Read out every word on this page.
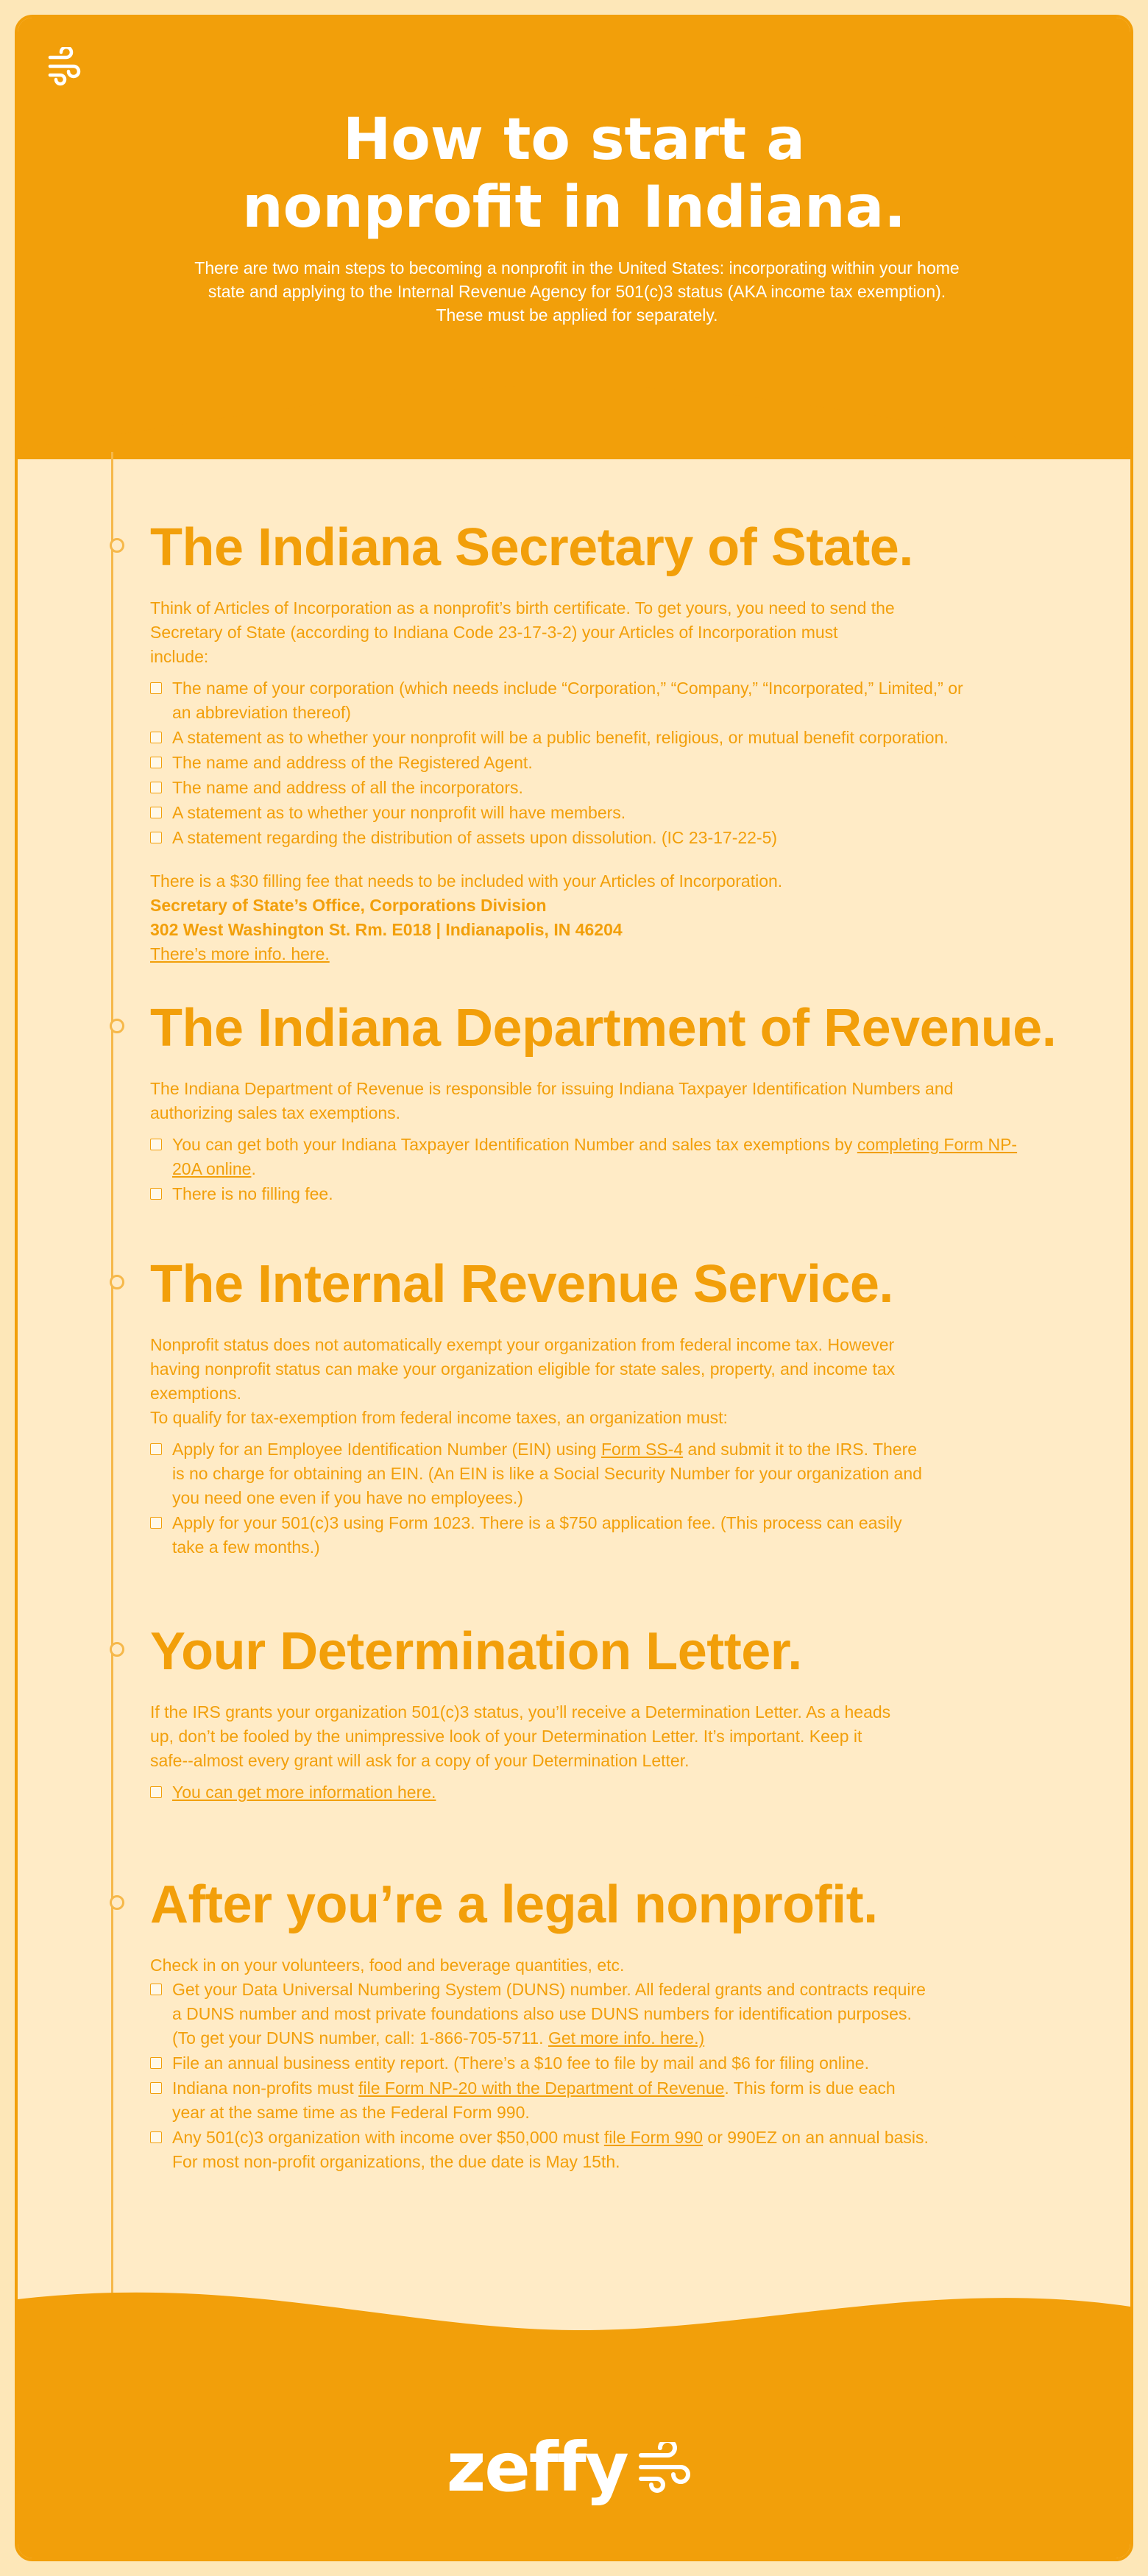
How to start a
nonprofit in Indiana.

There are two main steps to becoming a nonprofit in the United States: incorporating within your home state and applying to the Internal Revenue Agency for 501(c)3 status (AKA income tax exemption). These must be applied for separately.

The Indiana Secretary of State.

Think of Articles of Incorporation as a nonprofit’s birth certificate. To get yours, you need to send the Secretary of State (according to Indiana Code 23-17-3-2) your Articles of Incorporation must include:

The name of your corporation (which needs include “Corporation,” “Company,” “Incorporated,” Limited,” or an abbreviation thereof)
A statement as to whether your nonprofit will be a public benefit, religious, or mutual benefit corporation.
The name and address of the Registered Agent.
The name and address of all the incorporators.
A statement as to whether your nonprofit will have members.
A statement regarding the distribution of assets upon dissolution. (IC 23-17-22-5)
There is a $30 filling fee that needs to be included with your Articles of Incorporation.
Secretary of State’s Office, Corporations Division
302 West Washington St. Rm. E018 | Indianapolis, IN 46204
There’s more info. here.
The Indiana Department of Revenue.

The Indiana Department of Revenue is responsible for issuing Indiana Taxpayer Identification Numbers and authorizing sales tax exemptions.

You can get both your Indiana Taxpayer Identification Number and sales tax exemptions by completing Form NP-20A online.
There is no filling fee.
The Internal Revenue Service.

Nonprofit status does not automatically exempt your organization from federal income tax. However having nonprofit status can make your organization eligible for state sales, property, and income tax exemptions.

To qualify for tax-exemption from federal income taxes, an organization must:

Apply for an Employee Identification Number (EIN) using Form SS-4 and submit it to the IRS. There is no charge for obtaining an EIN. (An EIN is like a Social Security Number for your organization and you need one even if you have no employees.)
Apply for your 501(c)3 using Form 1023. There is a $750 application fee. (This process can easily take a few months.)
Your Determination Letter.

If the IRS grants your organization 501(c)3 status, you’ll receive a Determination Letter. As a heads up, don’t be fooled by the unimpressive look of your Determination Letter. It’s important. Keep it safe--almost every grant will ask for a copy of your Determination Letter.

You can get more information here.
After you’re a legal nonprofit.

Check in on your volunteers, food and beverage quantities, etc.

Get your Data Universal Numbering System (DUNS) number. All federal grants and contracts require a DUNS number and most private foundations also use DUNS numbers for identification purposes. (To get your DUNS number, call: 1-866-705-5711. Get more info. here.)
File an annual business entity report. (There’s a $10 fee to file by mail and $6 for filing online.
Indiana non-profits must file Form NP-20 with the Department of Revenue. This form is due each year at the same time as the Federal Form 990.
Any 501(c)3 organization with income over $50,000 must file Form 990 or 990EZ on an annual basis. For most non-profit organizations, the due date is May 15th.
zeffy
